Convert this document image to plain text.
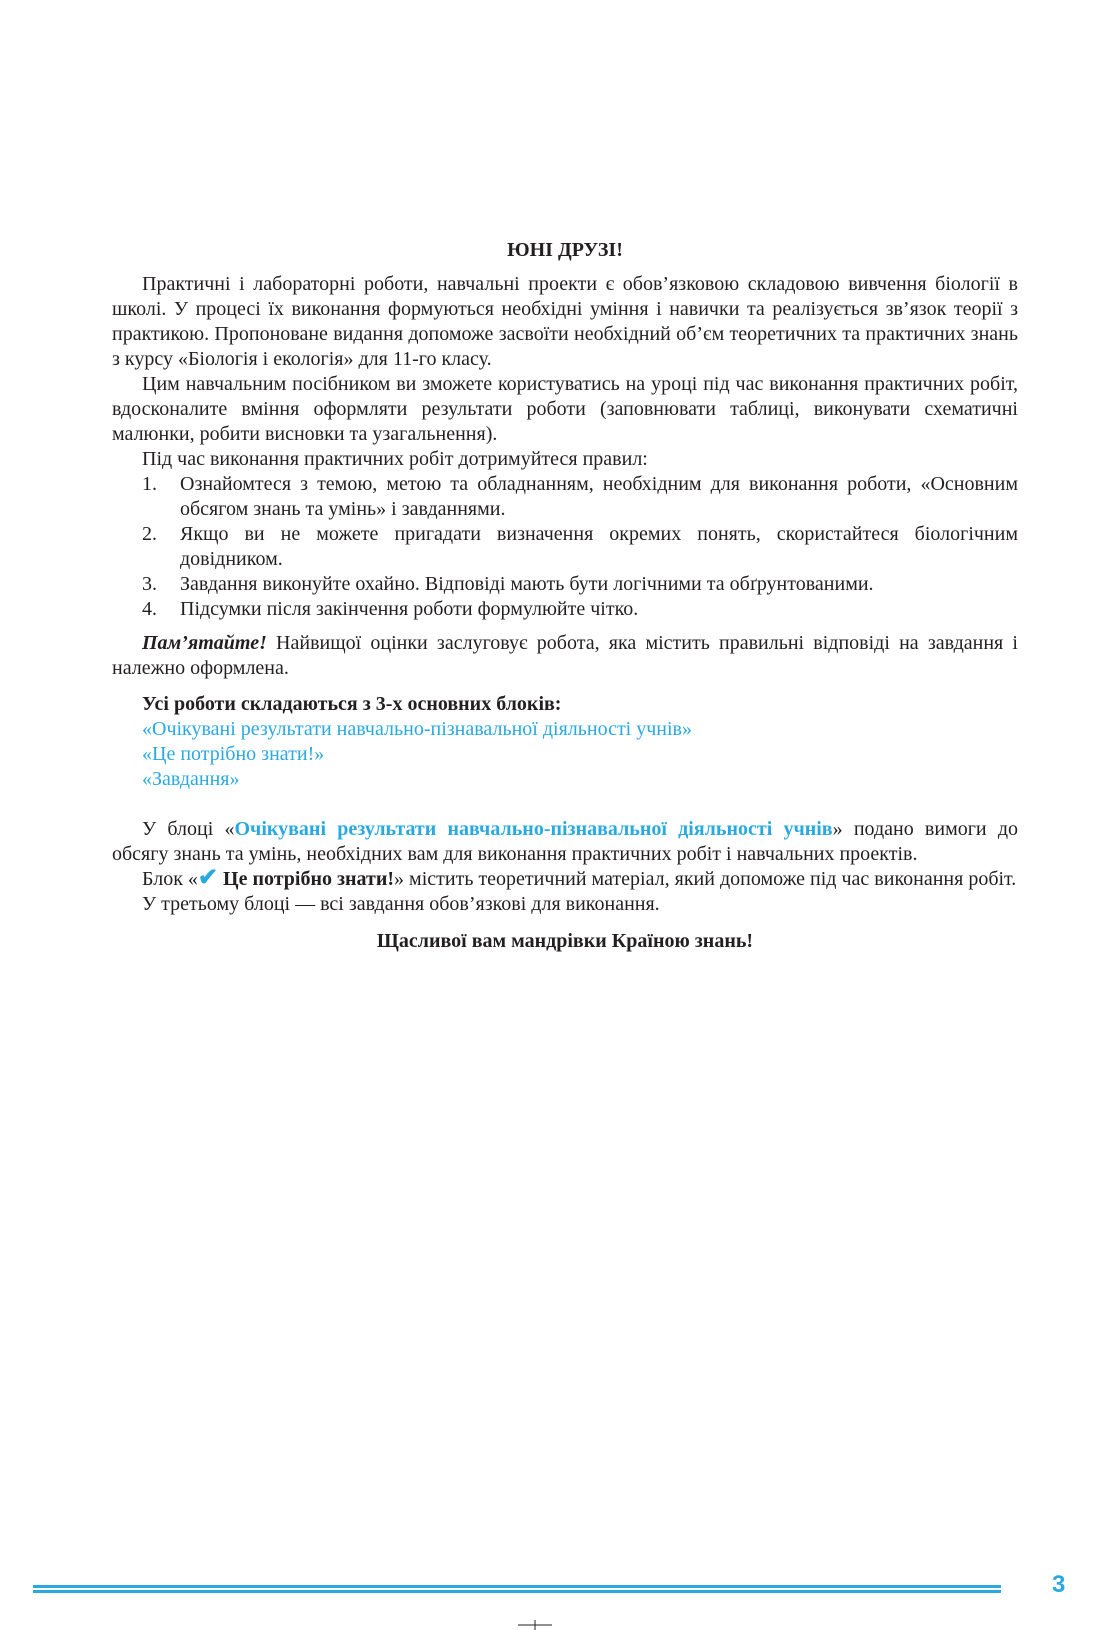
ЮНІ ДРУЗІ!

Практичні і лабораторні роботи, навчальні проекти є обов’язковою складовою вивчення біології в школі. У процесі їх виконання формуються необхідні уміння і навички та реалізується зв’язок теорії з практикою. Пропоноване видання допоможе засвоїти необхідний об’єм теоретичних та практичних знань з курсу «Біологія і екологія» для 11-го класу.

Цим навчальним посібником ви зможете користуватись на уроці під час виконання практичних робіт, вдосконалите вміння оформляти результати роботи (заповнювати таблиці, виконувати схематичні малюнки, робити висновки та узагальнення).

Під час виконання практичних робіт дотримуйтеся правил:

1. Ознайомтеся з темою, метою та обладнанням, необхідним для виконання роботи, «Основним обсягом знань та умінь» і завданнями.
2. Якщо ви не можете пригадати визначення окремих понять, скористайтеся біологічним довідником.
3. Завдання виконуйте охайно. Відповіді мають бути логічними та обґрунтованими.
4. Підсумки після закінчення роботи формулюйте чітко.

Пам’ятайте! Найвищої оцінки заслуговує робота, яка містить правильні відповіді на завдання і належно оформлена.

Усі роботи складаються з 3-х основних блоків:
«Очікувані результати навчально-пізнавальної діяльності учнів»
«Це потрібно знати!»
«Завдання»

У блоці «Очікувані результати навчально-пізнавальної діяльності учнів» подано вимоги до обсягу знань та умінь, необхідних вам для виконання практичних робіт і навчальних проектів.

Блок «✔ Це потрібно знати!» містить теоретичний матеріал, який допоможе під час виконання робіт.

У третьому блоці — всі завдання обов’язкові для виконання.

Щасливої вам мандрівки Країною знань!
3
